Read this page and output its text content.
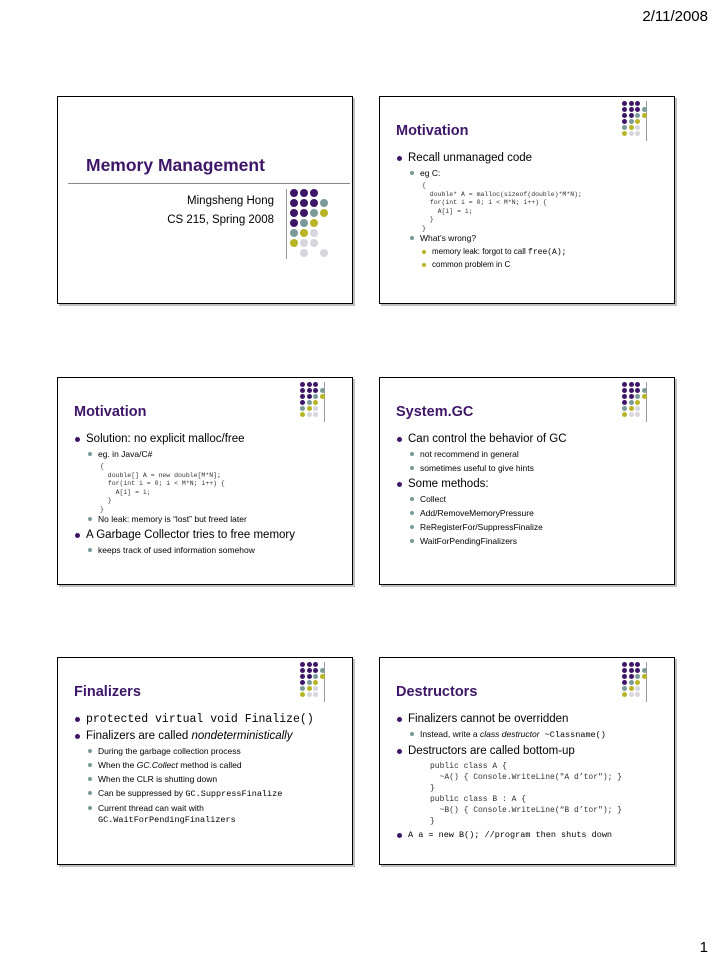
2/11/2008
Memory Management
Mingsheng Hong
CS 215, Spring 2008
Motivation
Recall unmanaged code
eg C:
{
double* A = malloc(sizeof(double)*M*N);
for(int i = 0; i < M*N; i++) {
A[i] = i;
}
}
What’s wrong?
memory leak: forgot to call free(A);
common problem in C
Motivation
Solution: no explicit malloc/free
eg. in Java/C#
{
double[] A = new double[M*N];
for(int i = 0; i < M*N; i++) {
A[i] = i;
}
}
No leak: memory is “lost” but freed later
A Garbage Collector tries to free memory
keeps track of used information somehow
System.GC
Can control the behavior of GC
not recommend in general
sometimes useful to give hints
Some methods:
Collect
Add/RemoveMemoryPressure
ReRegisterFor/SuppressFinalize
WaitForPendingFinalizers
Finalizers
protected virtual void Finalize()
Finalizers are called nondeterministically
During the garbage collection process
When the GC.Collect method is called
When the CLR is shutting down
Can be suppressed by GC.SuppressFinalize
Current thread can wait with
GC.WaitForPendingFinalizers
Destructors
Finalizers cannot be overridden
Instead, write a class destructor ~Classname()
Destructors are called bottom-up
public class A {
~A() { Console.WriteLine("A d’tor"); }
}
public class B : A {
~B() { Console.WriteLine(“B d’tor"); }
}
A a = new B(); //program then shuts down
1
